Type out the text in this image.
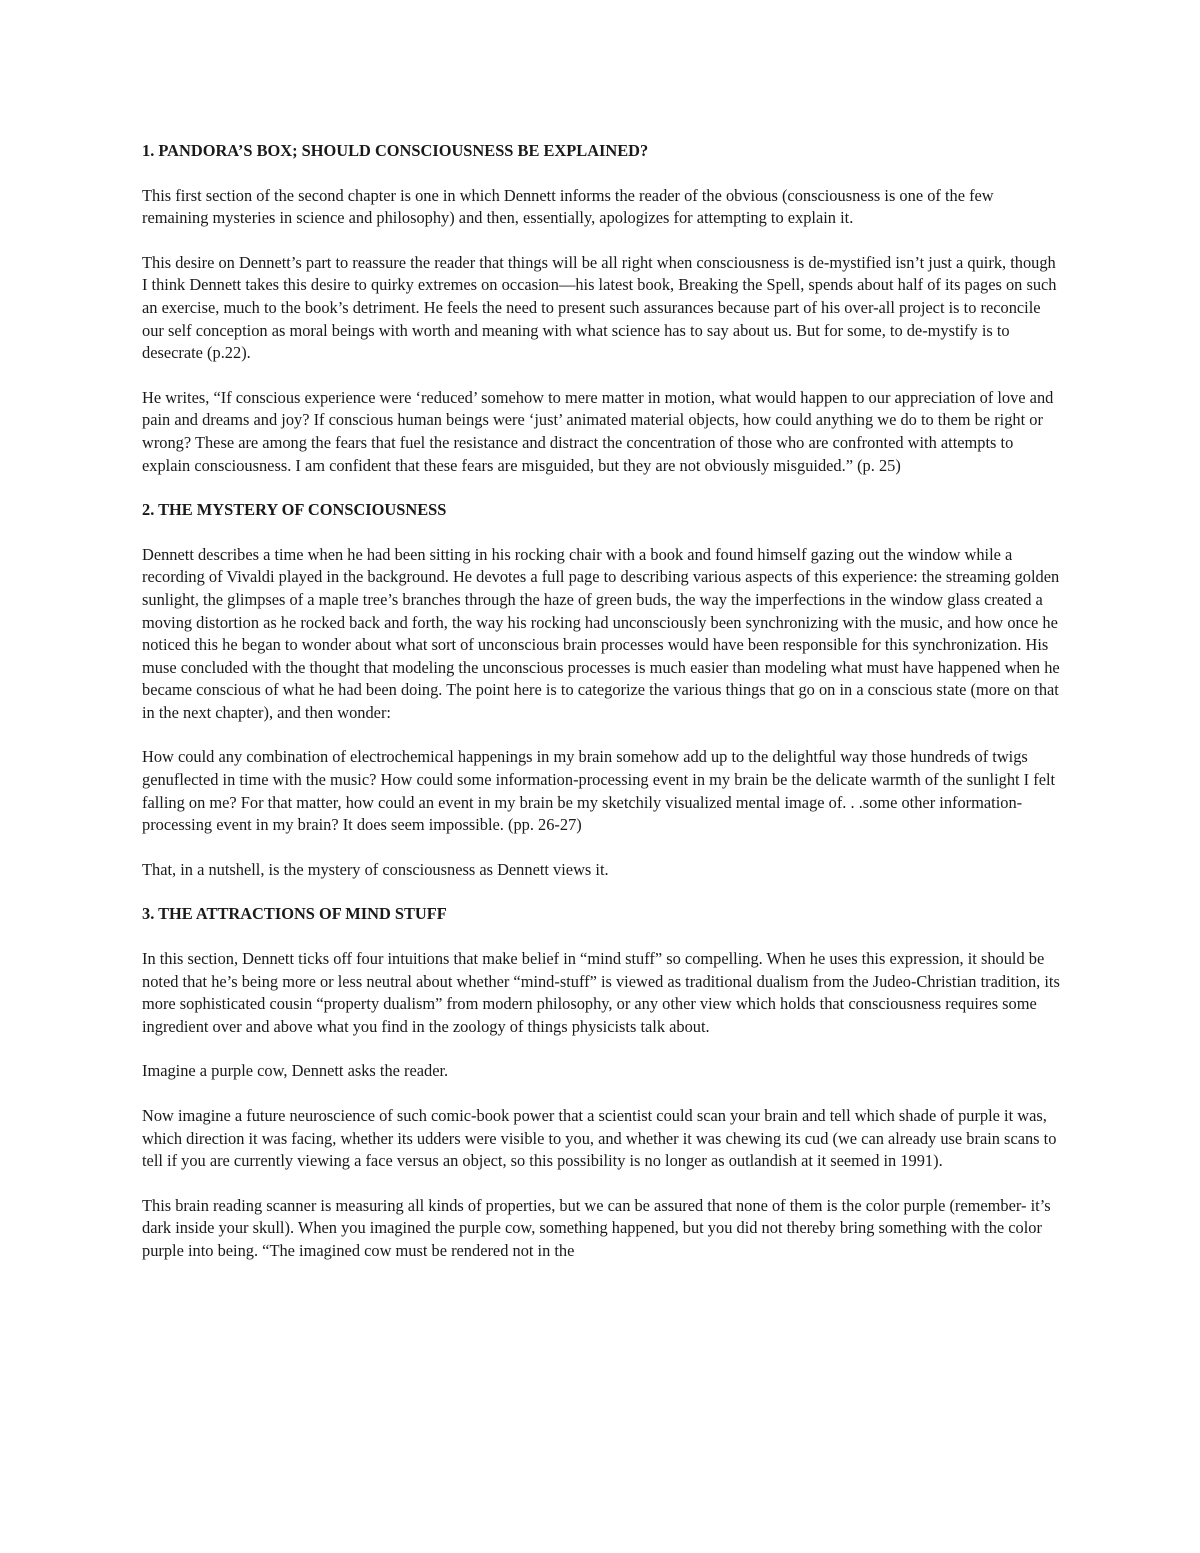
1. PANDORA’S BOX; SHOULD CONSCIOUSNESS BE EXPLAINED?
This first section of the second chapter is one in which Dennett informs the reader of the obvious (consciousness is one of the few remaining mysteries in science and philosophy) and then, essentially, apologizes for attempting to explain it.
This desire on Dennett’s part to reassure the reader that things will be all right when consciousness is de-mystified isn’t just a quirk, though I think Dennett takes this desire to quirky extremes on occasion—his latest book, Breaking the Spell, spends about half of its pages on such an exercise, much to the book’s detriment. He feels the need to present such assurances because part of his over-all project is to reconcile our self conception as moral beings with worth and meaning with what science has to say about us. But for some, to de-mystify is to desecrate (p.22).
He writes, “If conscious experience were ‘reduced’ somehow to mere matter in motion, what would happen to our appreciation of love and pain and dreams and joy? If conscious human beings were ‘just’ animated material objects, how could anything we do to them be right or wrong? These are among the fears that fuel the resistance and distract the concentration of those who are confronted with attempts to explain consciousness. I am confident that these fears are misguided, but they are not obviously misguided.” (p. 25)
2. THE MYSTERY OF CONSCIOUSNESS
Dennett describes a time when he had been sitting in his rocking chair with a book and found himself gazing out the window while a recording of Vivaldi played in the background. He devotes a full page to describing various aspects of this experience: the streaming golden sunlight, the glimpses of a maple tree’s branches through the haze of green buds, the way the imperfections in the window glass created a moving distortion as he rocked back and forth, the way his rocking had unconsciously been synchronizing with the music, and how once he noticed this he began to wonder about what sort of unconscious brain processes would have been responsible for this synchronization. His muse concluded with the thought that modeling the unconscious processes is much easier than modeling what must have happened when he became conscious of what he had been doing. The point here is to categorize the various things that go on in a conscious state (more on that in the next chapter), and then wonder:
How could any combination of electrochemical happenings in my brain somehow add up to the delightful way those hundreds of twigs genuflected in time with the music? How could some information-processing event in my brain be the delicate warmth of the sunlight I felt falling on me? For that matter, how could an event in my brain be my sketchily visualized mental image of. . .some other information-processing event in my brain? It does seem impossible. (pp. 26-27)
That, in a nutshell, is the mystery of consciousness as Dennett views it.
3. THE ATTRACTIONS OF MIND STUFF
In this section, Dennett ticks off four intuitions that make belief in “mind stuff” so compelling. When he uses this expression, it should be noted that he’s being more or less neutral about whether “mind-stuff” is viewed as traditional dualism from the Judeo-Christian tradition, its more sophisticated cousin “property dualism” from modern philosophy, or any other view which holds that consciousness requires some ingredient over and above what you find in the zoology of things physicists talk about.
Imagine a purple cow, Dennett asks the reader.
Now imagine a future neuroscience of such comic-book power that a scientist could scan your brain and tell which shade of purple it was, which direction it was facing, whether its udders were visible to you, and whether it was chewing its cud (we can already use brain scans to tell if you are currently viewing a face versus an object, so this possibility is no longer as outlandish at it seemed in 1991).
This brain reading scanner is measuring all kinds of properties, but we can be assured that none of them is the color purple (remember- it’s dark inside your skull). When you imagined the purple cow, something happened, but you did not thereby bring something with the color purple into being. “The imagined cow must be rendered not in the
